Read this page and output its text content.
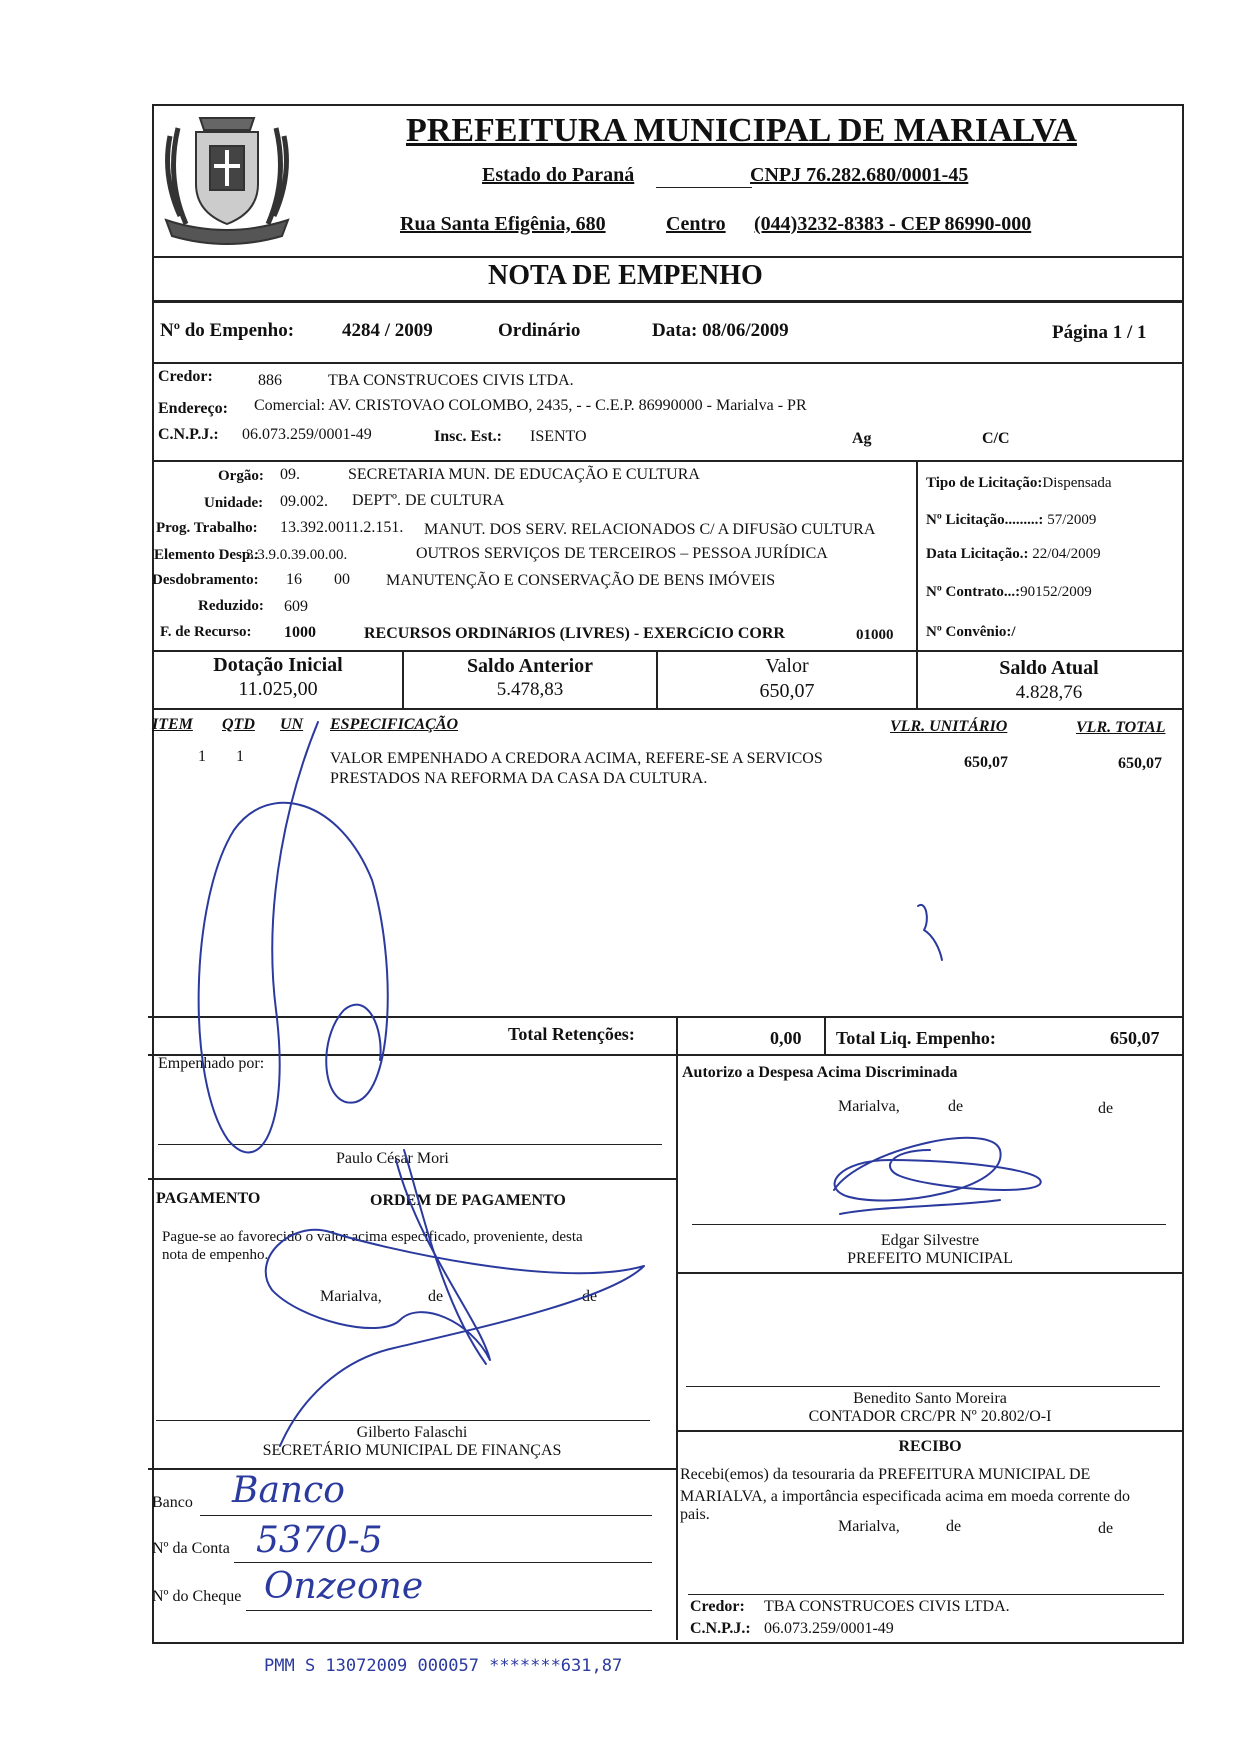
PREFEITURA MUNICIPAL DE MARIALVA
Estado do Paraná	CNPJ 76.282.680/0001-45
Rua Santa Efigênia, 680	Centro (044)3232-8383 - CEP 86990-000
NOTA DE EMPENHO
Nº do Empenho:	4284 / 2009	Ordinário	Data: 08/06/2009	Página 1 / 1
Credor:	886	TBA CONSTRUCOES CIVIS LTDA.
Endereço: Comercial: AV. CRISTOVAO COLOMBO, 2435, - - C.E.P. 86990000 - Marialva - PR
C.N.P.J.: 06.073.259/0001-49	Insc. Est.: ISENTO	Ag	C/C
Orgão: 09.	SECRETARIA MUN. DE EDUCAÇÃO E CULTURA
Unidade: 09.002. DEPTº. DE CULTURA
Prog. Trabalho: 13.392.0011.2.151. MANUT. DOS SERV. RELACIONADOS C/ A DIFUSãO CULTURA
Elemento Desp.:
3.3.9.0.39.00.00.	OUTROS SERVIÇOS DE TERCEIROS – PESSOA JURÍDICA
Desdobramento: 16 00 MANUTENÇÃO E CONSERVAÇÃO DE BENS IMÓVEIS
Reduzido: 609
F. de Recurso: 1000	RECURSOS ORDINáRIOS (LIVRES) - EXERCíCIO CORR	01000
Tipo de Licitação:Dispensada
Nº Licitação.........: 57/2009
Data Licitação.: 22/04/2009
Nº Contrato...:90152/2009
Nº Convênio:/
Dotação Inicial
11.025,00
Saldo Anterior
5.478,83
Valor
650,07
Saldo Atual
4.828,76
ITEM QTD UN ESPECIFICAÇÃO	VLR. UNITÁRIO	VLR. TOTAL
1 1	VALOR EMPENHADO A CREDORA ACIMA, REFERE-SE A SERVICOS
PRESTADOS NA REFORMA DA CASA DA CULTURA.
650,07	650,07
Total Retenções:	0,00 Total Liq. Empenho:	650,07
Empenhado por:
Paulo César Mori
Autorizo a Despesa Acima Discriminada
Marialva,	de	de
Edgar Silvestre
PREFEITO MUNICIPAL
PAGAMENTO	ORDEM DE PAGAMENTO
Pague-se ao favorecido o valor acima especificado, proveniente, desta
nota de empenho.
Marialva,	de	de
Gilberto Falaschi
SECRETÁRIO MUNICIPAL DE FINANÇAS
Benedito Santo Moreira
CONTADOR CRC/PR Nº 20.802/O-I
RECIBO
Recebi(emos) da tesouraria da PREFEITURA MUNICIPAL DE
MARIALVA, a importância especificada acima em moeda corrente do
pais.
Marialva,	de	de
Credor: TBA CONSTRUCOES CIVIS LTDA.
C.N.P.J.: 06.073.259/0001-49
Banco Banco
Nº da Conta 5370-5
Nº do Cheque Onzeone
PMM S 13072009 000057 *******631,87
